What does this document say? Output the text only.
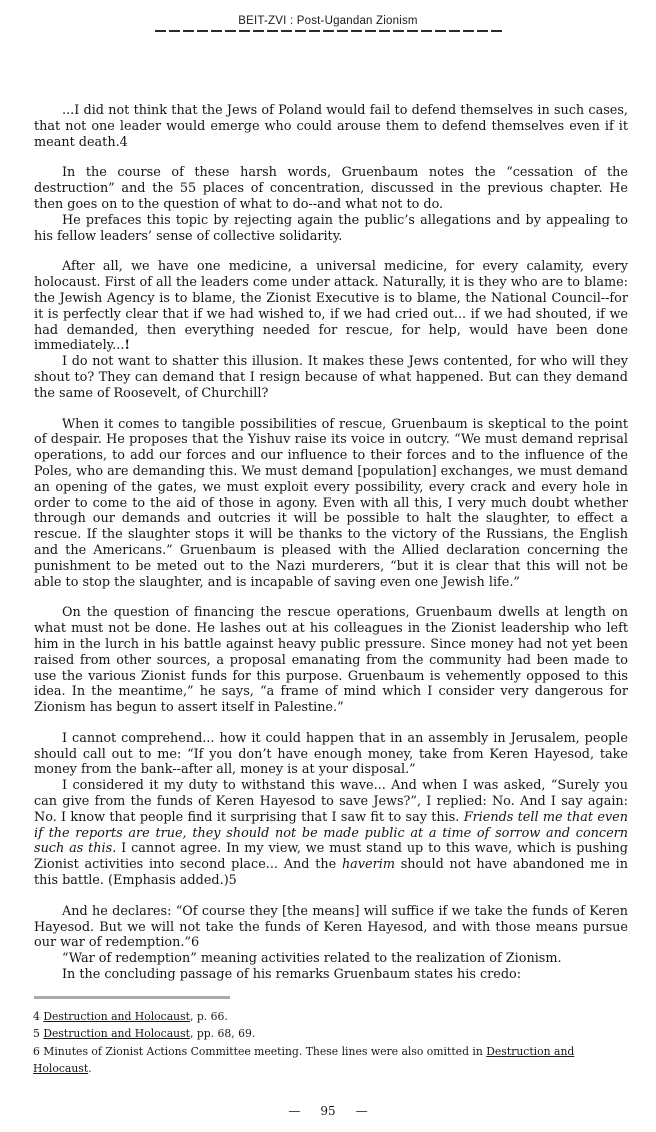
BEIT-ZVI : Post-Ugandan Zionism

...I did not think that the Jews of Poland would fail to defend themselves in such cases, that not one leader would emerge who could arouse them to defend themselves even if it meant death.4

In the course of these harsh words, Gruenbaum notes the “cessation of the destruction” and the 55 places of concentration, discussed in the previous chapter. He then goes on to the question of what to do--and what not to do.

He prefaces this topic by rejecting again the public’s allegations and by appealing to his fellow leaders’ sense of collective solidarity.

After all, we have one medicine, a universal medicine, for every calamity, every holocaust. First of all the leaders come under attack. Naturally, it is they who are to blame: the Jewish Agency is to blame, the Zionist Executive is to blame, the National Council--for it is perfectly clear that if we had wished to, if we had cried out... if we had shouted, if we had demanded, then everything needed for rescue, for help, would have been done immediately...!

I do not want to shatter this illusion. It makes these Jews contented, for who will they shout to? They can demand that I resign because of what happened. But can they demand the same of Roosevelt, of Churchill?

When it comes to tangible possibilities of rescue, Gruenbaum is skeptical to the point of despair. He proposes that the Yishuv raise its voice in outcry. “We must demand reprisal operations, to add our forces and our influence to their forces and to the influence of the Poles, who are demanding this. We must demand [population] exchanges, we must demand an opening of the gates, we must exploit every possibility, every crack and every hole in order to come to the aid of those in agony. Even with all this, I very much doubt whether through our demands and outcries it will be possible to halt the slaughter, to effect a rescue. If the slaughter stops it will be thanks to the victory of the Russians, the English and the Americans.” Gruenbaum is pleased with the Allied declaration concerning the punishment to be meted out to the Nazi murderers, “but it is clear that this will not be able to stop the slaughter, and is incapable of saving even one Jewish life.”

On the question of financing the rescue operations, Gruenbaum dwells at length on what must not be done. He lashes out at his colleagues in the Zionist leadership who left him in the lurch in his battle against heavy public pressure. Since money had not yet been raised from other sources, a proposal emanating from the community had been made to use the various Zionist funds for this purpose. Gruenbaum is vehemently opposed to this idea. In the meantime,” he says, “a frame of mind which I consider very dangerous for Zionism has begun to assert itself in Palestine.”

I cannot comprehend... how it could happen that in an assembly in Jerusalem, people should call out to me: “If you don’t have enough money, take from Keren Hayesod, take money from the bank--after all, money is at your disposal.”

I considered it my duty to withstand this wave... And when I was asked, “Surely you can give from the funds of Keren Hayesod to save Jews?”, I replied: No. And I say again: No. I know that people find it surprising that I saw fit to say this. Friends tell me that even if the reports are true, they should not be made public at a time of sorrow and concern such as this. I cannot agree. In my view, we must stand up to this wave, which is pushing Zionist activities into second place... And the haverim should not have abandoned me in this battle. (Emphasis added.)5

And he declares: “Of course they [the means] will suffice if we take the funds of Keren Hayesod. But we will not take the funds of Keren Hayesod, and with those means pursue our war of redemption.”6

“War of redemption” meaning activities related to the realization of Zionism.

In the concluding passage of his remarks Gruenbaum states his credo:

4 Destruction and Holocaust, p. 66.
5 Destruction and Holocaust, pp. 68, 69.
6 Minutes of Zionist Actions Committee meeting. These lines were also omitted in Destruction and Holocaust.
— 95 —
